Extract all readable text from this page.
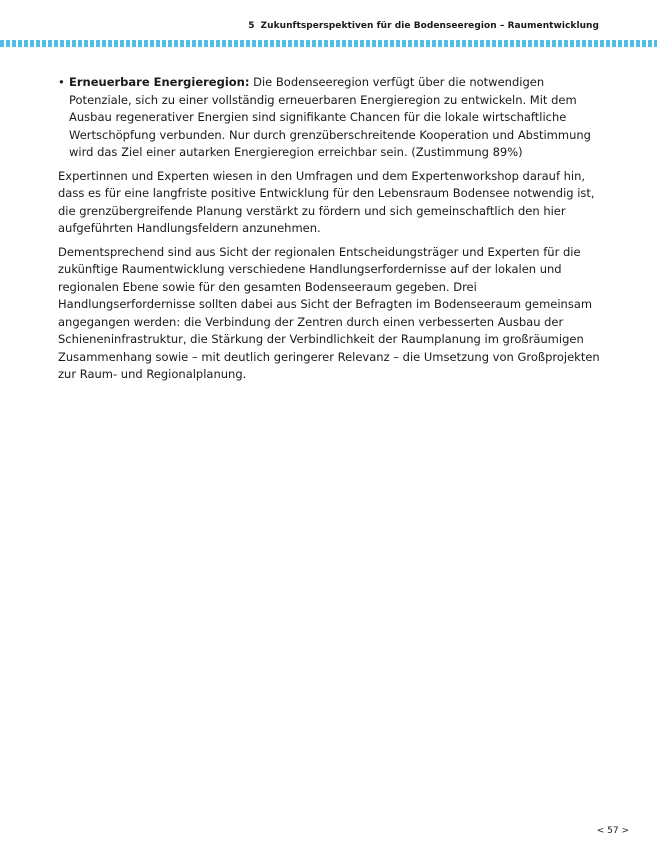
5 Zukunftsperspektiven für die Bodenseeregion – Raumentwicklung
• Erneuerbare Energieregion: Die Bodenseeregion verfügt über die notwendigen Potenziale, sich zu einer vollständig erneuerbaren Energieregion zu entwickeln. Mit dem Ausbau regenerativer Energien sind signifikante Chancen für die lokale wirtschaftliche Wertschöpfung verbunden. Nur durch grenzüberschreitende Kooperation und Abstimmung wird das Ziel einer autarken Energieregion erreichbar sein. (Zustimmung 89%)

Expertinnen und Experten wiesen in den Umfragen und dem Expertenworkshop darauf hin, dass es für eine langfriste positive Entwicklung für den Lebensraum Bodensee notwendig ist, die grenzübergreifende Planung verstärkt zu fördern und sich gemeinschaftlich den hier aufgeführten Handlungsfeldern anzunehmen.

Dementsprechend sind aus Sicht der regionalen Entscheidungsträger und Experten für die zukünftige Raumentwicklung verschiedene Handlungserfordernisse auf der lokalen und regionalen Ebene sowie für den gesamten Bodenseeraum gegeben. Drei Handlungserfordernisse sollten dabei aus Sicht der Befragten im Bodenseeraum gemeinsam angegangen werden: die Verbindung der Zentren durch einen verbesserten Ausbau der Schieneninfrastruktur, die Stärkung der Verbindlichkeit der Raumplanung im großräumigen Zusammenhang sowie – mit deutlich geringerer Relevanz – die Umsetzung von Großprojekten zur Raum- und Regionalplanung.

< 57 >
